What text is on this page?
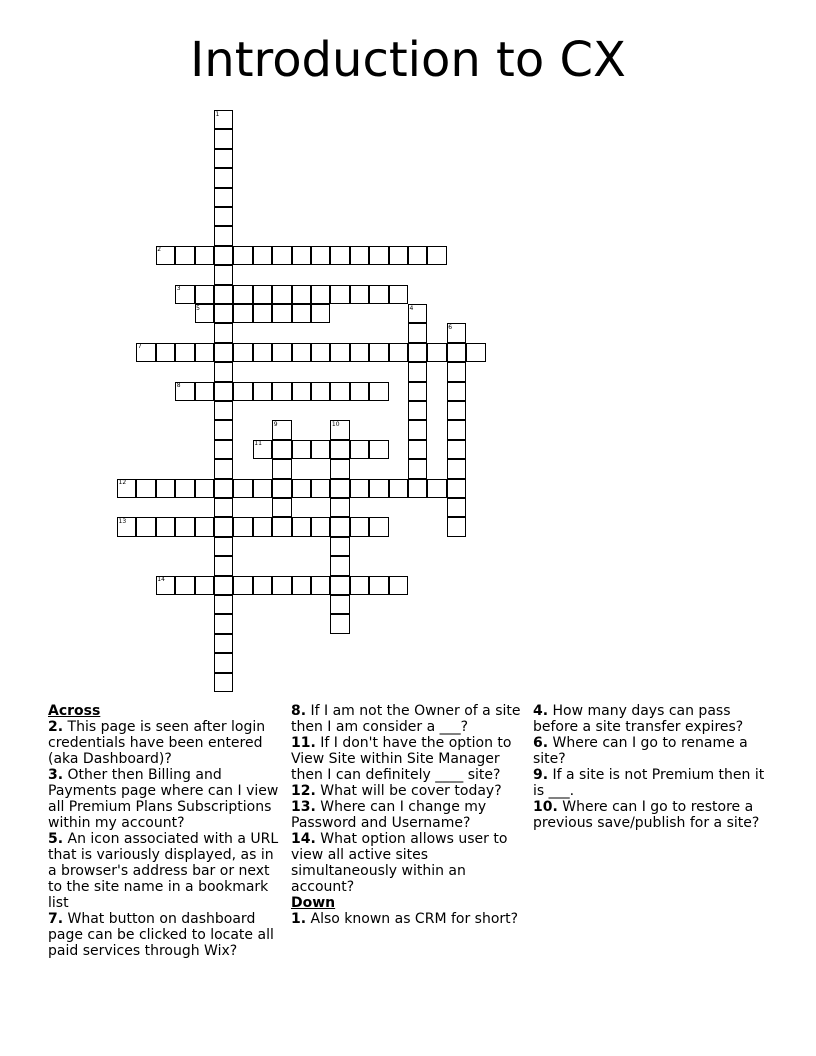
Introduction to CX
2
3
5
7
8
11
12
13
14
1
4
6
9	10
Across
2. This page is seen after login credentials have been entered (aka Dashboard)?
3. Other then Billing and Payments page where can I view all Premium Plans Subscriptions within my account?
5. An icon associated with a URL that is variously displayed, as in a browser's address bar or next to the site name in a bookmark list
7. What button on dashboard page can be clicked to locate all paid services through Wix?
8. If I am not the Owner of a site then I am consider a ___?
11. If I don't have the option to View Site within Site Manager then I can definitely ____ site?
12. What will be cover today?
13. Where can I change my Password and Username?
14. What option allows user to view all active sites simultaneously within an account?
Down
1. Also known as CRM for short?
4. How many days can pass before a site transfer expires?
6. Where can I go to rename a site?
9. If a site is not Premium then it is ___.
10. Where can I go to restore a previous save/publish for a site?
